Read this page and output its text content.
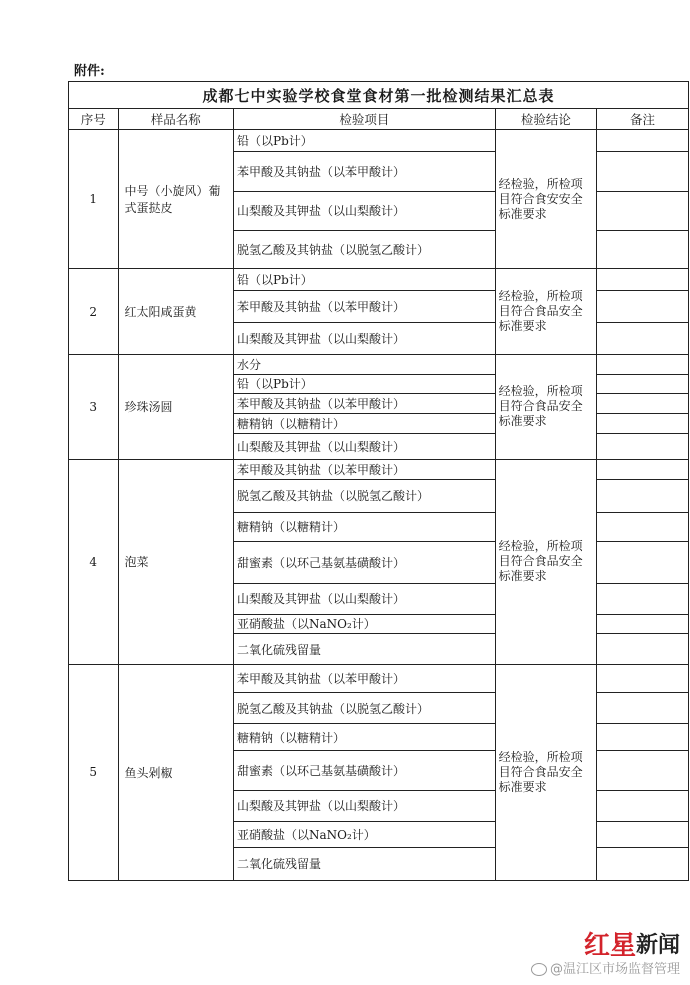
附件:
成都七中实验学校食堂食材第一批检测结果汇总表				
序号	样品名称	检验项目	检验结论	备注
1	中号（小旋风）葡式蛋挞皮	铅（以Pb计）	经检验，所检项目符合食安安全标准要求	
		苯甲酸及其钠盐（以苯甲酸计）		
		山梨酸及其钾盐（以山梨酸计）		
		脱氢乙酸及其钠盐（以脱氢乙酸计）		
2	红太阳咸蛋黄	铅（以Pb计）	经检验，所检项目符合食品安全标准要求	
		苯甲酸及其钠盐（以苯甲酸计）		
		山梨酸及其钾盐（以山梨酸计）		
3	珍珠汤圆	水分	经检验，所检项目符合食品安全标准要求	
		铅（以Pb计）		
		苯甲酸及其钠盐（以苯甲酸计）		
		糖精钠（以糖精计）		
		山梨酸及其钾盐（以山梨酸计）		
4	泡菜	苯甲酸及其钠盐（以苯甲酸计）	经检验，所检项目符合食品安全标准要求	
		脱氢乙酸及其钠盐（以脱氢乙酸计）		
		糖精钠（以糖精计）		
		甜蜜素（以环己基氨基磺酸计）		
		山梨酸及其钾盐（以山梨酸计）		
		亚硝酸盐（以NaNO₂计）		
		二氧化硫残留量		
5	鱼头剁椒	苯甲酸及其钠盐（以苯甲酸计）	经检验，所检项目符合食品安全标准要求	
		脱氢乙酸及其钠盐（以脱氢乙酸计）		
		糖精钠（以糖精计）		
		甜蜜素（以环己基氨基磺酸计）		
		山梨酸及其钾盐（以山梨酸计）		
		亚硝酸盐（以NaNO₂计）		
		二氧化硫残留量		
红星 新闻
@温江区市场监督管理
